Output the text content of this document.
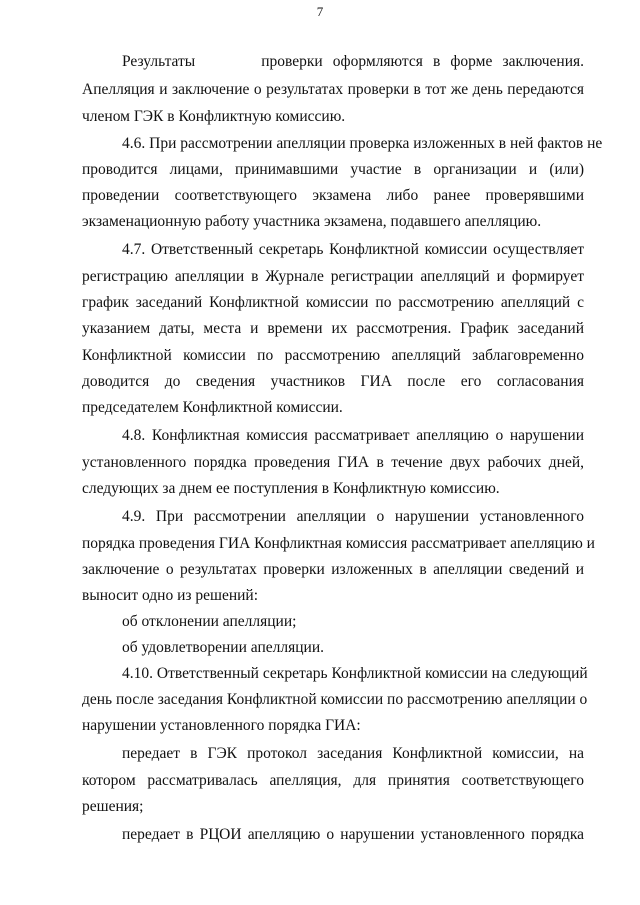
7
Результаты	проверки оформляются в форме заключения.
Апелляция и заключение о результатах проверки в тот же день передаются
членом ГЭК в Конфликтную комиссию.
4.6. При рассмотрении апелляции проверка изложенных в ней фактов не
проводится лицами, принимавшими участие в организации и (или)
проведении соответствующего экзамена либо ранее проверявшими
экзаменационную работу участника экзамена, подавшего апелляцию.
4.7. Ответственный секретарь Конфликтной комиссии осуществляет
регистрацию апелляции в Журнале регистрации апелляций и формирует
график заседаний Конфликтной комиссии по рассмотрению апелляций с
указанием даты, места и времени их рассмотрения. График заседаний
Конфликтной комиссии по рассмотрению апелляций заблаговременно
доводится до сведения участников ГИА после его согласования
председателем Конфликтной комиссии.
4.8. Конфликтная комиссия рассматривает апелляцию о нарушении
установленного порядка проведения ГИА в течение двух рабочих дней,
следующих за днем ее поступления в Конфликтную комиссию.
4.9. При рассмотрении апелляции о нарушении установленного
порядка проведения ГИА Конфликтная комиссия рассматривает апелляцию и
заключение о результатах проверки изложенных в апелляции сведений и
выносит одно из решений:
об отклонении апелляции;
об удовлетворении апелляции.
4.10. Ответственный секретарь Конфликтной комиссии на следующий
день после заседания Конфликтной комиссии по рассмотрению апелляции о
нарушении установленного порядка ГИА:
передает в ГЭК протокол заседания Конфликтной комиссии, на
котором рассматривалась апелляция, для принятия соответствующего
решения;
передает в РЦОИ апелляцию о нарушении установленного порядка
